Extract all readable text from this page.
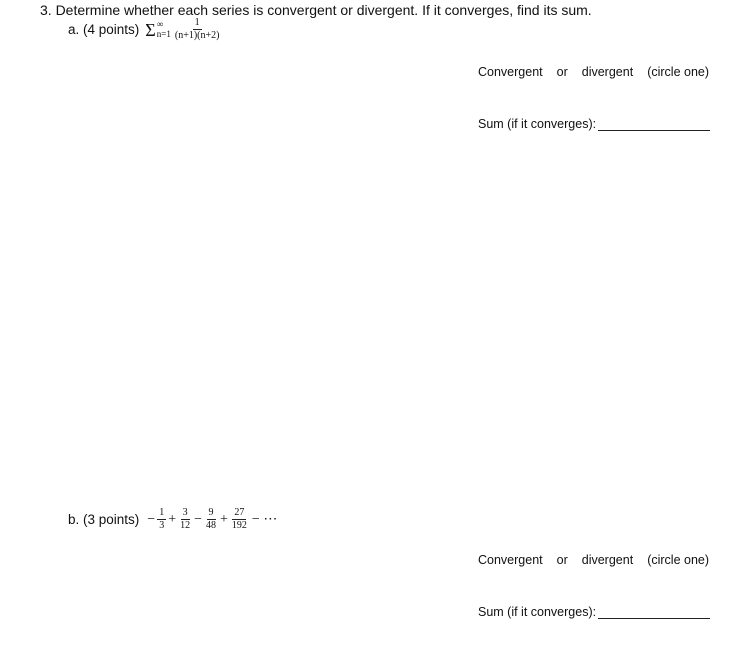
3. Determine whether each series is convergent or divergent. If it converges, find its sum.
a. (4 points) Σ ∞
$n=1 \frac{1}{(n+1)(n+2)}$
Convergent or divergent (circle one)
Sum (if it converges):
b. (3 points) − $\frac{1}{3} + \frac{3}{12} - \frac{9}{48} + \frac{27}{192}$ − ⋯
Convergent or divergent (circle one)
Sum (if it converges):
